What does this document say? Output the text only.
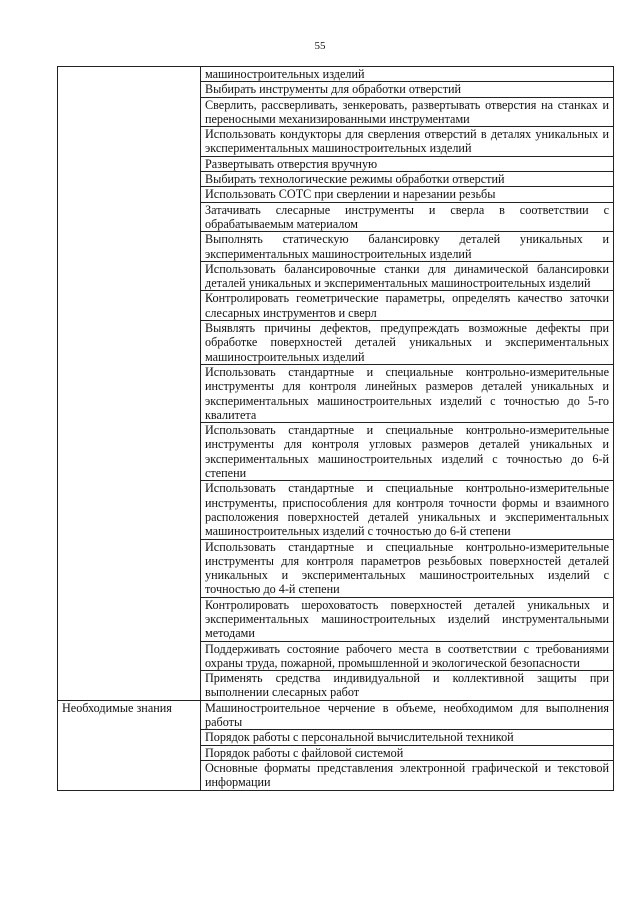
55
	машиностроительных изделий
	Выбирать инструменты для обработки отверстий
	Сверлить, рассверливать, зенкеровать, развертывать отверстия на станках и переносными механизированными инструментами
	Использовать кондукторы для сверления отверстий в деталях уникальных и экспериментальных машиностроительных изделий
	Развертывать отверстия вручную
	Выбирать технологические режимы обработки отверстий
	Использовать СОТС при сверлении и нарезании резьбы
	Затачивать слесарные инструменты и сверла в соответствии с обрабатываемым материалом
	Выполнять статическую балансировку деталей уникальных и экспериментальных машиностроительных изделий
	Использовать балансировочные станки для динамической балансировки деталей уникальных и экспериментальных машиностроительных изделий
	Контролировать геометрические параметры, определять качество заточки слесарных инструментов и сверл
	Выявлять причины дефектов, предупреждать возможные дефекты при обработке поверхностей деталей уникальных и экспериментальных машиностроительных изделий
	Использовать стандартные и специальные контрольно-измерительные инструменты для контроля линейных размеров деталей уникальных и экспериментальных машиностроительных изделий с точностью до 5-го квалитета
	Использовать стандартные и специальные контрольно-измерительные инструменты для контроля угловых размеров деталей уникальных и экспериментальных машиностроительных изделий с точностью до 6-й степени
	Использовать стандартные и специальные контрольно-измерительные инструменты, приспособления для контроля точности формы и взаимного расположения поверхностей деталей уникальных и экспериментальных машиностроительных изделий с точностью до 6-й степени
	Использовать стандартные и специальные контрольно-измерительные инструменты для контроля параметров резьбовых поверхностей деталей уникальных и экспериментальных машиностроительных изделий с точностью до 4-й степени
	Контролировать шероховатость поверхностей деталей уникальных и экспериментальных машиностроительных изделий инструментальными методами
	Поддерживать состояние рабочего места в соответствии с требованиями охраны труда, пожарной, промышленной и экологической безопасности
	Применять средства индивидуальной и коллективной защиты при выполнении слесарных работ
Необходимые знания	Машиностроительное черчение в объеме, необходимом для выполнения работы
	Порядок работы с персональной вычислительной техникой
	Порядок работы с файловой системой
	Основные форматы представления электронной графической и текстовой информации
